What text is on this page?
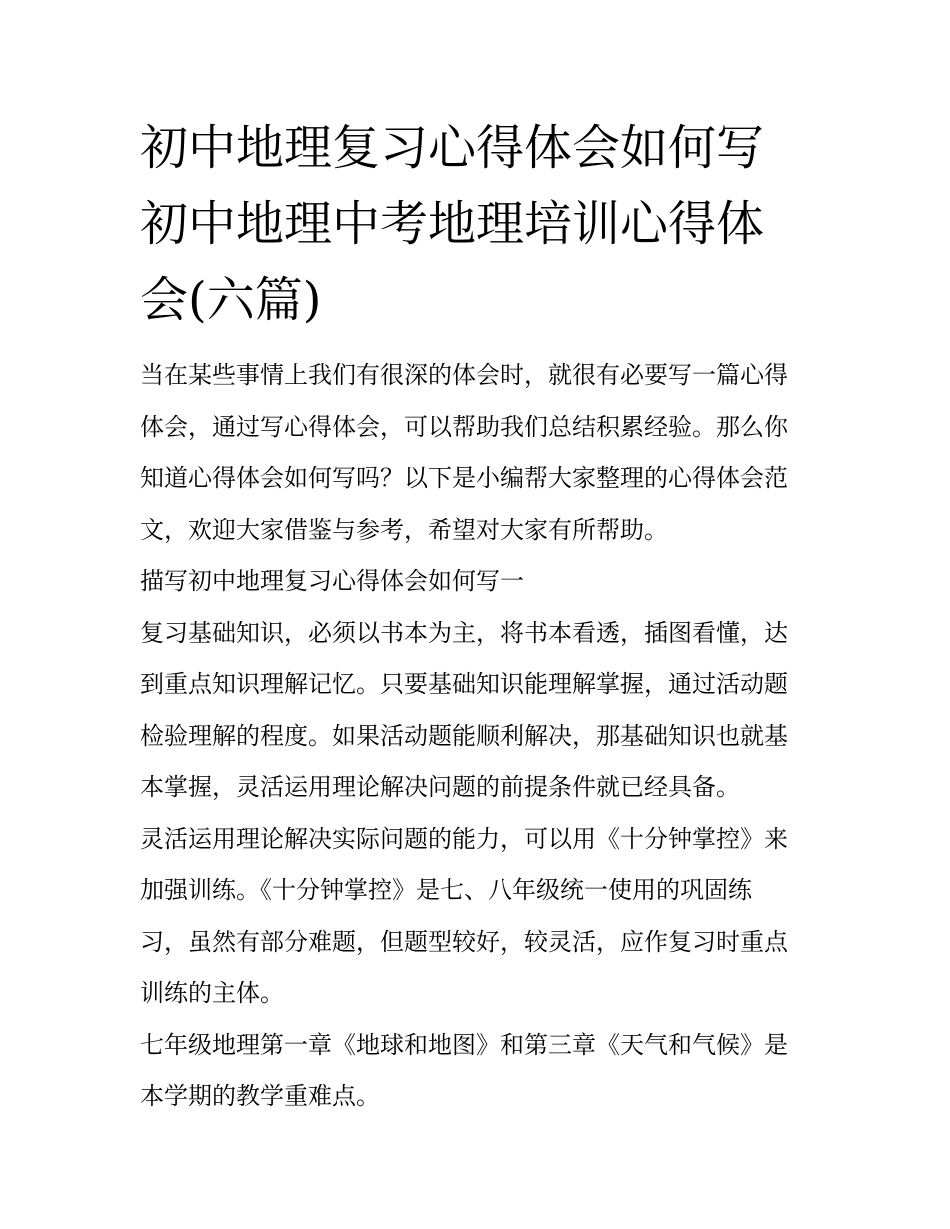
初中地理复习心得体会如何写
初中地理中考地理培训心得体
会(六篇)

当在某些事情上我们有很深的体会时，就很有必要写一篇心得
体会，通过写心得体会，可以帮助我们总结积累经验。那么你
知道心得体会如何写吗？以下是小编帮大家整理的心得体会范
文，欢迎大家借鉴与参考，希望对大家有所帮助。

描写初中地理复习心得体会如何写一

复习基础知识，必须以书本为主，将书本看透，插图看懂，达
到重点知识理解记忆。只要基础知识能理解掌握，通过活动题
检验理解的程度。如果活动题能顺利解决，那基础知识也就基
本掌握，灵活运用理论解决问题的前提条件就已经具备。

灵活运用理论解决实际问题的能力，可以用《十分钟掌控》来
加强训练。《十分钟掌控》是七、八年级统一使用的巩固练
习，虽然有部分难题，但题型较好，较灵活，应作复习时重点
训练的主体。

七年级地理第一章《地球和地图》和第三章《天气和气候》是
本学期的教学重难点。
